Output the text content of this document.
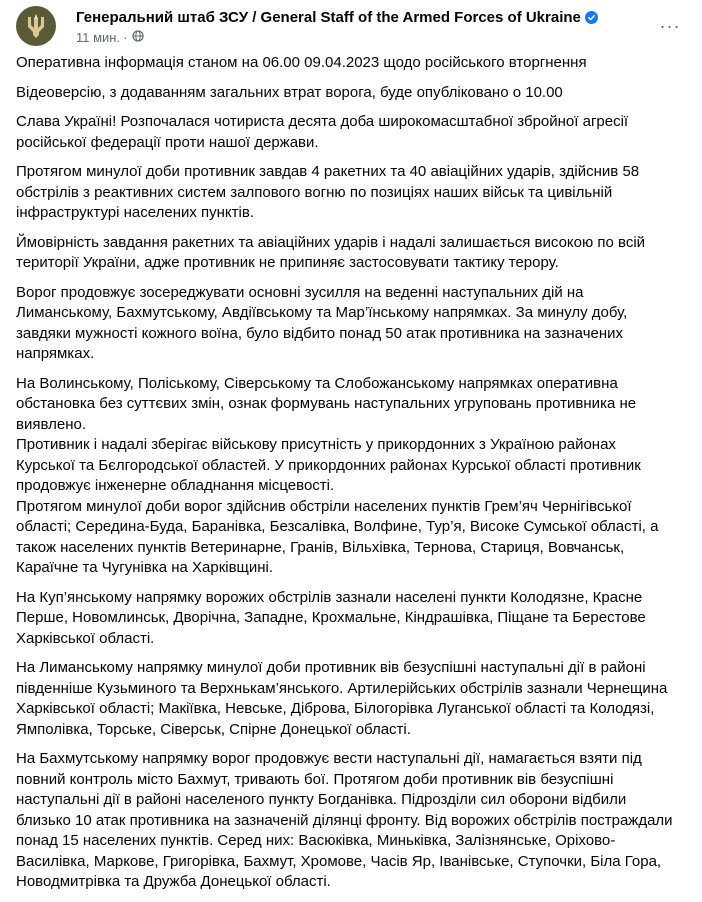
Генеральний штаб ЗСУ / General Staff of the Armed Forces of Ukraine
11 мин. ·
···

Оперативна інформація станом на 06.00 09.04.2023 щодо російського вторгнення

Відеоверсію, з додаванням загальних втрат ворога, буде опубліковано о 10.00

Слава Україні! Розпочалася чотириста десята доба широкомасштабної збройної агресії російської федерації проти нашої держави.

Протягом минулої доби противник завдав 4 ракетних та 40 авіаційних ударів, здійснив 58 обстрілів з реактивних систем залпового вогню по позиціях наших військ та цивільній інфраструктурі населених пунктів.

Ймовірність завдання ракетних та авіаційних ударів і надалі залишається високою по всій території України, адже противник не припиняє застосовувати тактику терору.

Ворог продовжує зосереджувати основні зусилля на веденні наступальних дій на Лиманському, Бахмутському, Авдіївському та Мар’їнському напрямках. За минулу добу, завдяки мужності кожного воїна, було відбито понад 50 атак противника на зазначених напрямках.

На Волинському, Поліському, Сіверському та Слобожанському напрямках оперативна обстановка без суттєвих змін, ознак формувань наступальних угруповань противника не виявлено.

Противник і надалі зберігає військову присутність у прикордонних з Україною районах Курської та Бєлгородської областей. У прикордонних районах Курської області противник продовжує інженерне обладнання місцевості.

Протягом минулої доби ворог здійснив обстріли населених пунктів Грем’яч Чернігівської області; Середина-Буда, Баранівка, Безсалівка, Волфине, Тур’я, Високе Сумської області, а також населених пунктів Ветеринарне, Гранів, Вільхівка, Тернова, Стариця, Вовчанськ, Караїчне та Чугунівка на Харківщині.

На Куп’янському напрямку ворожих обстрілів зазнали населені пункти Колодязне, Красне Перше, Новомлинськ, Дворічна, Западне, Крохмальне, Кіндрашівка, Піщане та Берестове Харківської області.

На Лиманському напрямку минулої доби противник вів безуспішні наступальні дії в районі південніше Кузьминого та Верхнькам’янського. Артилерійських обстрілів зазнали Чернещина Харківської області; Макіївка, Невське, Діброва, Білогорівка Луганської області та Колодязі, Ямполівка, Торське, Сіверськ, Спірне Донецької області.

На Бахмутському напрямку ворог продовжує вести наступальні дії, намагається взяти під повний контроль місто Бахмут, тривають бої. Протягом доби противник вів безуспішні наступальні дії в районі населеного пункту Богданівка. Підрозділи сил оборони відбили близько 10 атак противника на зазначеній ділянці фронту. Від ворожих обстрілів постраждали понад 15 населених пунктів. Серед них: Васюківка, Миньківка, Залізнянське, Оріхово-Василівка, Маркове, Григорівка, Бахмут, Хромове, Часів Яр, Іванівське, Ступочки, Біла Гора, Новодмитрівка та Дружба Донецької області.
